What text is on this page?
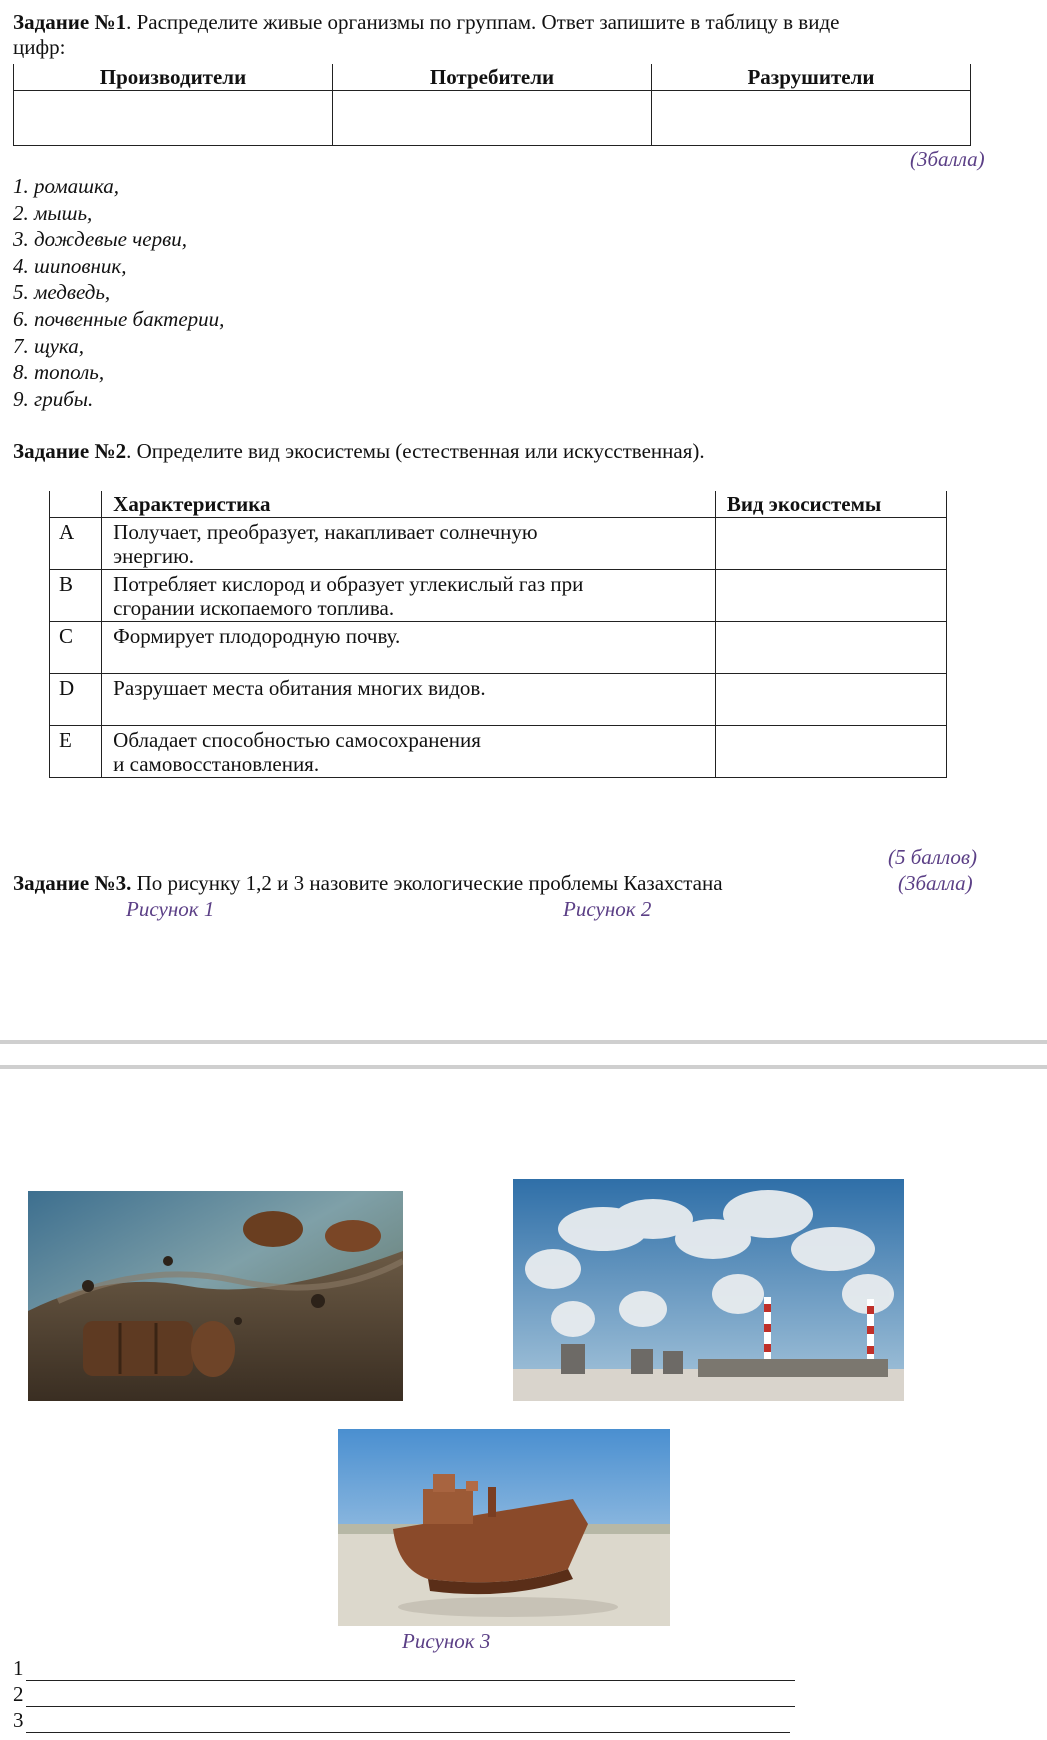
Задание №1. Распределите живые организмы по группам. Ответ запишите в таблицу в виде
цифр:
Производители	Потребители	Разрушители

(3балла)
1. ромашка,
2. мышь,
3. дождевые черви,
4. шиповник,
5. медведь,
6. почвенные бактерии,
7. щука,
8. тополь,
9. грибы.
Задание №2. Определите вид экосистемы (естественная или искусственная).
	Характеристика	Вид экосистемы
A	Получает, преобразует, накапливает солнечную
энергию.	
B	Потребляет кислород и образует углекислый газ при
сгорании ископаемого топлива.	
C	Формирует плодородную почву.

D	Разрушает места обитания многих видов.

E	Обладает способностью самосохранения
и самовосстановления.	
(5 баллов)
Задание №3. По рисунку 1,2 и 3 назовите экологические проблемы Казахстана	(3балла)
Рисунок 1	Рисунок 2
Рисунок 3
1
2
3
